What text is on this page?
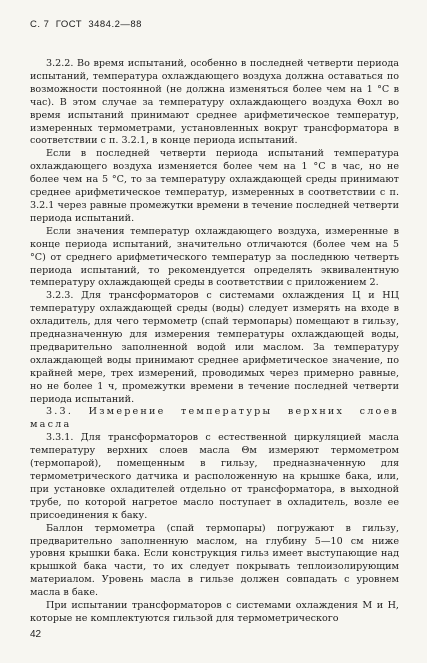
С. 7  ГОСТ  3484.2—88

3.2.2. Во время испытаний, особенно в последней четверти периода испытаний, температура охлаждающего воздуха должна оставаться по возможности постоянной (не должна изменяться более чем на 1 °С в час). В этом случае за температуру охлаждающего воздуха Θохл во время испытаний принимают среднее арифметическое температур, измеренных термометрами, установленных вокруг трансформатора в соответствии с п. 3.2.1, в конце периода испытаний.

Если в последней четверти периода испытаний температура охлаждающего воздуха изменяется более чем на 1 °С в час, но не более чем на 5 °С, то за температуру охлаждающей среды принимают среднее арифметическое температур, измеренных в соответствии с п. 3.2.1 через равные промежутки времени в течение последней четверти периода испытаний.

Если значения температур охлаждающего воздуха, измеренные в конце периода испытаний, значительно отличаются (более чем на 5 °С) от среднего арифметического температур за последнюю четверть периода испытаний, то рекомендуется определять эквивалентную температуру охлаждающей среды в соответствии с приложением 2.

3.2.3. Для трансформаторов с системами охлаждения Ц и НЦ температуру охлаждающей среды (воды) следует измерять на входе в охладитель, для чего термометр (спай термопары) помещают в гильзу, предназначенную для измерения температуры охлаждающей воды, предварительно заполненной водой или маслом. За температуру охлаждающей воды принимают среднее арифметическое значение, по крайней мере, трех измерений, проводимых через примерно равные, но не более 1 ч, промежутки времени в течение последней четверти периода испытаний.

3.3. Измерение температуры верхних слоев масла

3.3.1. Для трансформаторов с естественной циркуляцией масла температуру верхних слоев масла Θм измеряют термометром (термопарой), помещенным в гильзу, предназначенную для термометрического датчика и расположенную на крышке бака, или, при установке охладителей отдельно от трансформатора, в выходной трубе, по которой нагретое масло поступает в охладитель, возле ее присоединения к баку.

Баллон термометра (спай термопары) погружают в гильзу, предварительно заполненную маслом, на глубину 5—10 см ниже уровня крышки бака. Если конструкция гильз имеет выступающие над крышкой бака части, то их следует покрывать теплоизолирующим материалом. Уровень масла в гильзе должен совпадать с уровнем масла в баке.

При испытании трансформаторов с системами охлаждения М и Н, которые не комплектуются гильзой для термометрического

42
